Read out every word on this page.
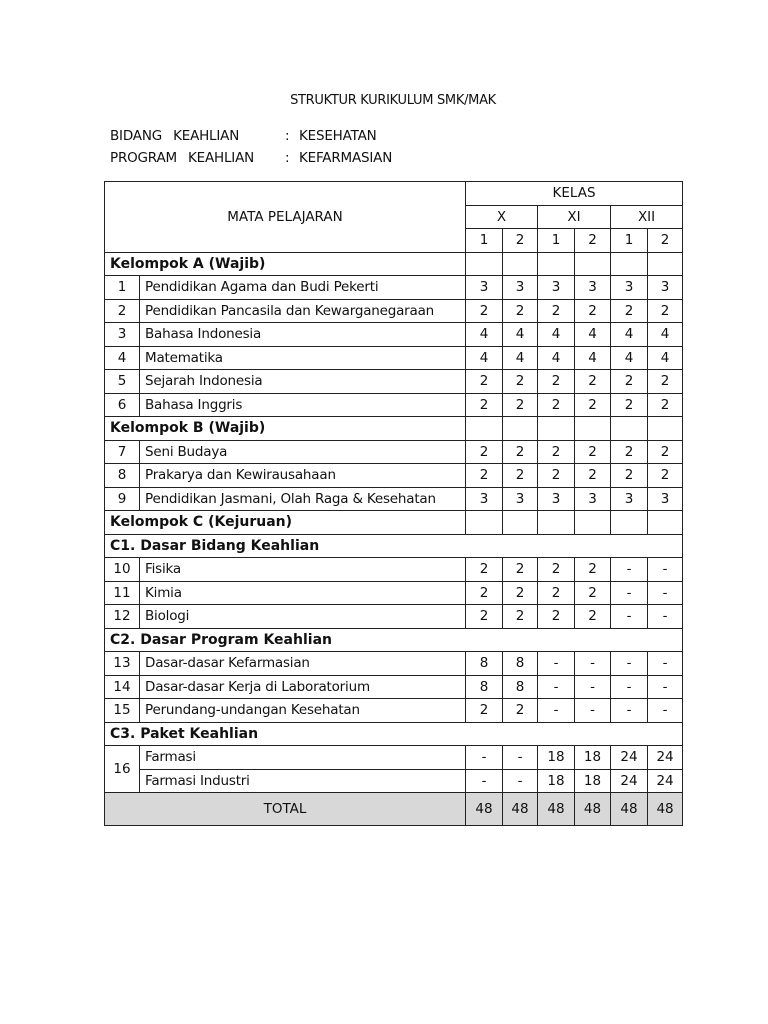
STRUKTUR KURIKULUM SMK/MAK
BIDANG KEAHLIAN	: KESEHATAN
PROGRAM KEAHLIAN : KEFARMASIAN
MATA PELAJARAN		KELAS					
		X		XI		XII	
		1	2	1	2	1	2
Kelompok A (Wajib)							
1	Pendidikan Agama dan Budi Pekerti	3	3	3	3	3	3
2	Pendidikan Pancasila dan Kewarganegaraan	2	2	2	2	2	2
3	Bahasa Indonesia	4	4	4	4	4	4
4	Matematika	4	4	4	4	4	4
5	Sejarah Indonesia	2	2	2	2	2	2
6	Bahasa Inggris	2	2	2	2	2	2
Kelompok B (Wajib)							
7	Seni Budaya	2	2	2	2	2	2
8	Prakarya dan Kewirausahaan	2	2	2	2	2	2
9	Pendidikan Jasmani, Olah Raga & Kesehatan	3	3	3	3	3	3
Kelompok C (Kejuruan)							
C1. Dasar Bidang Keahlian							
10	Fisika	2	2	2	2	-	-
11	Kimia	2	2	2	2	-	-
12	Biologi	2	2	2	2	-	-
C2. Dasar Program Keahlian							
13	Dasar-dasar Kefarmasian	8	8	-	-	-	-
14	Dasar-dasar Kerja di Laboratorium	8	8	-	-	-	-
15	Perundang-undangan Kesehatan	2	2	-	-	-	-
C3. Paket Keahlian							
16	Farmasi	-	-	18	18	24	24
	Farmasi Industri	-	-	18	18	24	24
TOTAL		48	48	48	48	48	48
